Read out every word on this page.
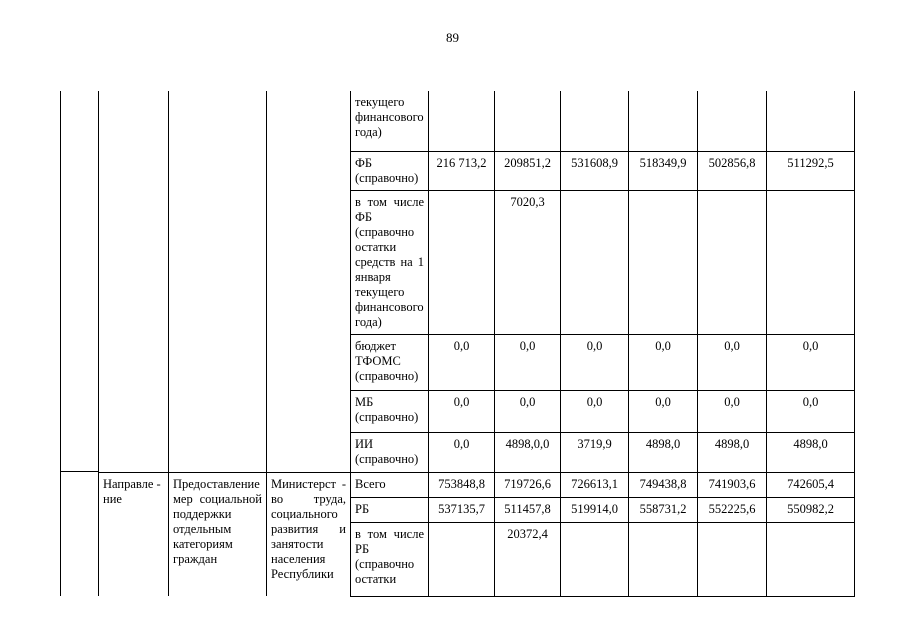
89
			текущего финансового года)						
			ФБ (справочно)	216 713,2	209851,2	531608,9	518349,9	502856,8	511292,5
			в том числе ФБ (справочно остатки средств на 1 января текущего финансового года)		7020,3				
			бюджет ТФОМС (справочно)	0,0	0,0	0,0	0,0	0,0	0,0
			МБ (справочно)	0,0	0,0	0,0	0,0	0,0	0,0
			ИИ (справочно)	0,0	4898,0,0	3719,9	4898,0	4898,0	4898,0
Направле - ние	Предоставление мер социальной поддержки отдельным категориям граждан	Министерст - во труда, социального развития и занятости населения Республики	Всего	753848,8	719726,6	726613,1	749438,8	741903,6	742605,4
			РБ	537135,7	511457,8	519914,0	558731,2	552225,6	550982,2
			в том числе РБ (справочно остатки		20372,4				
